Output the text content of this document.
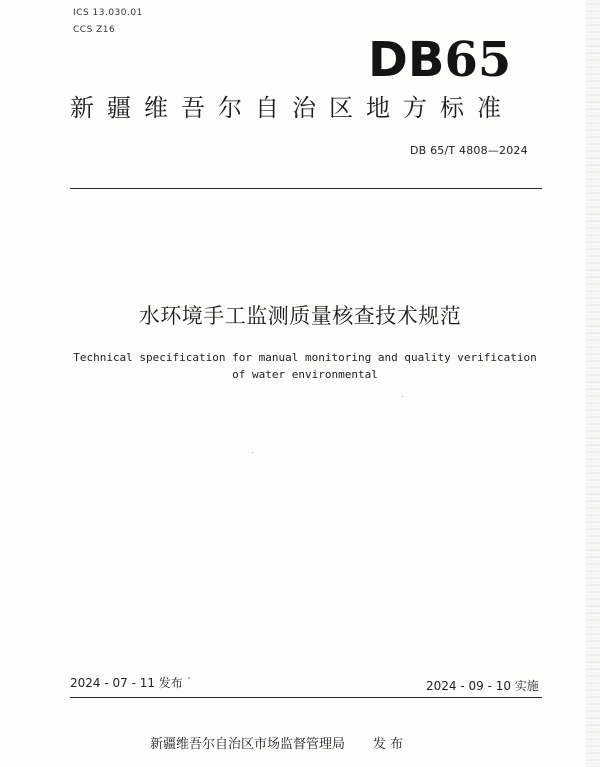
ICS 13.030.01
CCS Z16
DB65
新疆维吾尔自治区地方标准
DB 65/T 4808—2024
水环境手工监测质量核查技术规范
Technical specification for manual monitoring and quality verification
of water environmental
2024 - 07 - 11 发布	2024 - 09 - 10 实施
新疆维吾尔自治区市场监督管理局 发 布
